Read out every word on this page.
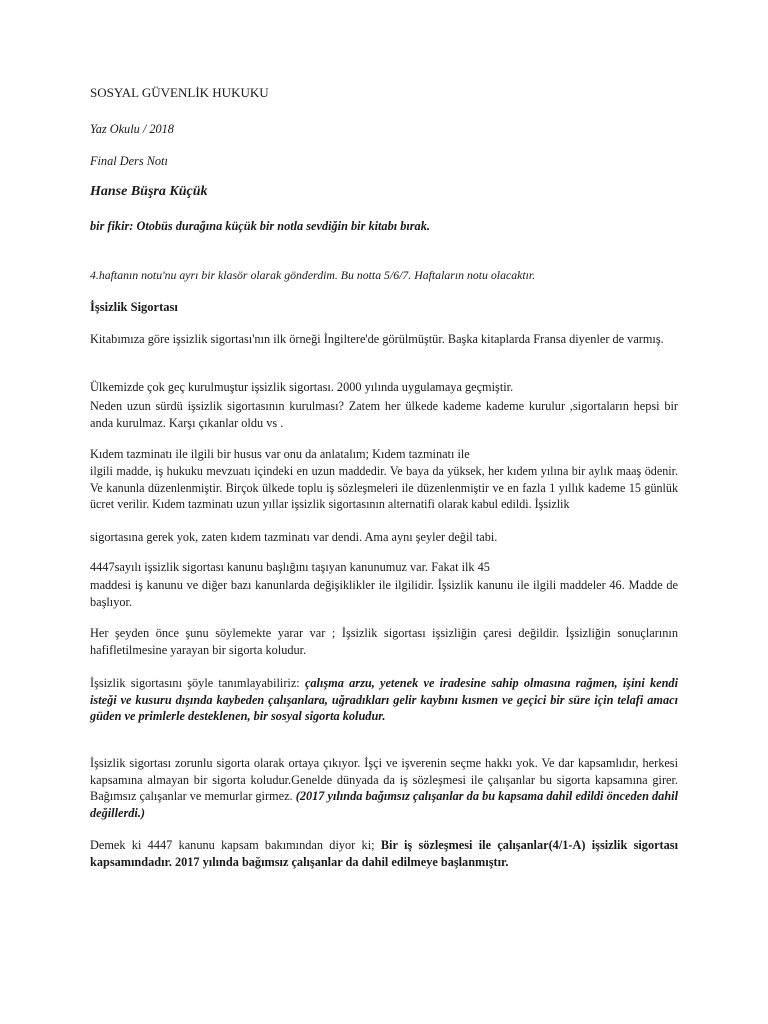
SOSYAL GÜVENLİK HUKUKU

Yaz Okulu / 2018

Final Ders Notı

Hanse Büşra Küçük

bir fikir: Otobüs durağına küçük bir notla sevdiğin bir kitabı bırak.

4.haftanın notu'nu ayrı bir klasör olarak gönderdim. Bu notta 5/6/7. Haftaların notu olacaktır.

İşsizlik Sigortası

Kitabımıza göre işsizlik sigortası'nın ilk örneği İngiltere'de görülmüştür. Başka kitaplarda Fransa diyenler de varmış.

Ülkemizde çok geç kurulmuştur işsizlik sigortası. 2000 yılında uygulamaya geçmiştir.

Neden uzun sürdü işsizlik sigortasının kurulması? Zatem her ülkede kademe kademe kurulur ,sigortaların hepsi bir anda kurulmaz. Karşı çıkanlar oldu vs .

Kıdem tazminatı ile ilgili bir husus var onu da anlatalım; Kıdem tazminatı ile

ilgili madde, iş hukuku mevzuatı içindeki en uzun maddedir. Ve baya da yüksek, her kıdem yılına bir aylık maaş ödenir. Ve kanunla düzenlenmiştir. Birçok ülkede toplu iş sözleşmeleri ile düzenlenmiştir ve en fazla 1 yıllık kademe 15 günlük ücret verilir. Kıdem tazminatı uzun yıllar işsizlik sigortasının alternatifi olarak kabul edildi. İşsizlik

sigortasına gerek yok, zaten kıdem tazminatı var dendi. Ama aynı şeyler değil tabi.

4447sayılı işsizlik sigortası kanunu başlığını taşıyan kanunumuz var. Fakat ilk 45

maddesi iş kanunu ve diğer bazı kanunlarda değişiklikler ile ilgilidir. İşsizlik kanunu ile ilgili maddeler 46. Madde de başlıyor.

Her şeyden önce şunu söylemekte yarar var ; İşsizlik sigortası işsizliğin çaresi değildir. İşsizliğin sonuçlarının hafifletilmesine yarayan bir sigorta koludur.

İşsizlik sigortasını şöyle tanımlayabiliriz: çalışma arzu, yetenek ve iradesine sahip olmasına rağmen, işini kendi isteği ve kusuru dışında kaybeden çalışanlara, uğradıkları gelir kaybını kısmen ve geçici bir süre için telafi amacı güden ve primlerle desteklenen, bir sosyal sigorta koludur.

İşsizlik sigortası zorunlu sigorta olarak ortaya çıkıyor. İşçi ve işverenin seçme hakkı yok. Ve dar kapsamlıdır, herkesi kapsamına almayan bir sigorta koludur.Genelde dünyada da iş sözleşmesi ile çalışanlar bu sigorta kapsamına girer. Bağımsız çalışanlar ve memurlar girmez. (2017 yılında bağımsız çalışanlar da bu kapsama dahil edildi önceden dahil değillerdi.)

Demek ki 4447 kanunu kapsam bakımından diyor ki; Bir iş sözleşmesi ile çalışanlar(4/1-A) işsizlik sigortası kapsamındadır. 2017 yılında bağımsız çalışanlar da dahil edilmeye başlanmıştır.
